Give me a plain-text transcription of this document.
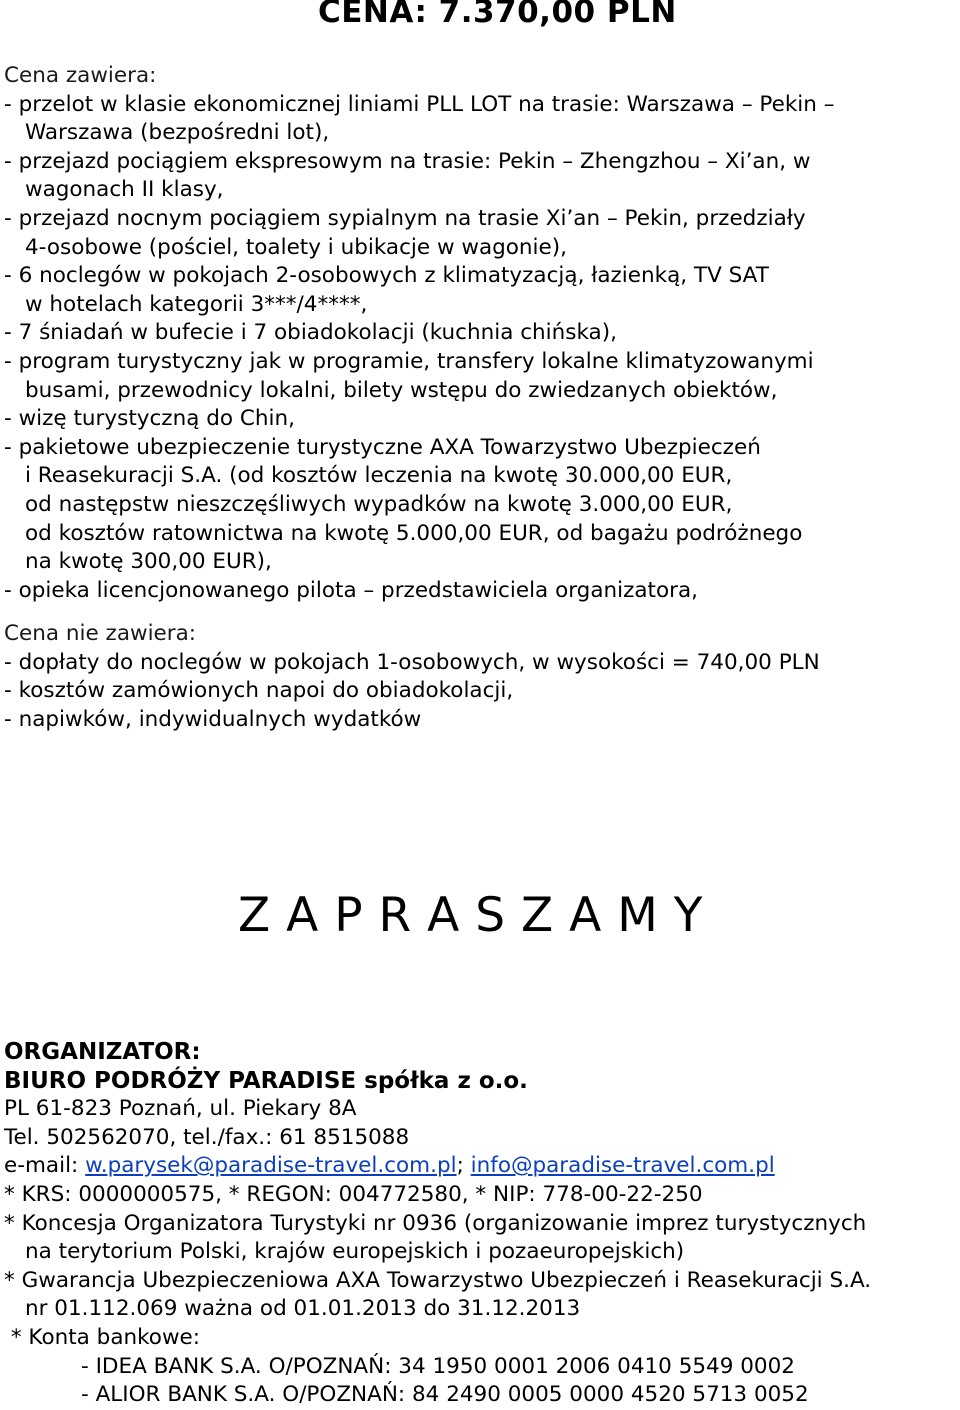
CENA: 7.370,00 PLN
Cena zawiera:
- przelot w klasie ekonomicznej liniami PLL LOT na trasie: Warszawa – Pekin –
Warszawa (bezpośredni lot),
- przejazd pociągiem ekspresowym na trasie: Pekin – Zhengzhou – Xi’an, w
wagonach II klasy,
- przejazd nocnym pociągiem sypialnym na trasie Xi’an – Pekin, przedziały
4-osobowe (pościel, toalety i ubikacje w wagonie),
- 6 noclegów w pokojach 2-osobowych z klimatyzacją, łazienką, TV SAT
w hotelach kategorii 3***/4****,
- 7 śniadań w bufecie i 7 obiadokolacji (kuchnia chińska),
- program turystyczny jak w programie, transfery lokalne klimatyzowanymi
busami, przewodnicy lokalni, bilety wstępu do zwiedzanych obiektów,
- wizę turystyczną do Chin,
- pakietowe ubezpieczenie turystyczne AXA Towarzystwo Ubezpieczeń
i Reasekuracji S.A. (od kosztów leczenia na kwotę 30.000,00 EUR,
od następstw nieszczęśliwych wypadków na kwotę 3.000,00 EUR,
od kosztów ratownictwa na kwotę 5.000,00 EUR, od bagażu podróżnego
na kwotę 300,00 EUR),
- opieka licencjonowanego pilota – przedstawiciela organizatora,
Cena nie zawiera:
- dopłaty do noclegów w pokojach 1-osobowych, w wysokości = 740,00 PLN
- kosztów zamówionych napoi do obiadokolacji,
- napiwków, indywidualnych wydatków
Z A P R A S Z A M Y
ORGANIZATOR:
BIURO PODRÓŻY PARADISE spółka z o.o.
PL 61-823 Poznań, ul. Piekary 8A
Tel. 502562070, tel./fax.: 61 8515088
e-mail: w.parysek@paradise-travel.com.pl; info@paradise-travel.com.pl
* KRS: 0000000575, * REGON: 004772580, * NIP: 778-00-22-250
* Koncesja Organizatora Turystyki nr 0936 (organizowanie imprez turystycznych
na terytorium Polski, krajów europejskich i pozaeuropejskich)
* Gwarancja Ubezpieczeniowa AXA Towarzystwo Ubezpieczeń i Reasekuracji S.A.
nr 01.112.069 ważna od 01.01.2013 do 31.12.2013
* Konta bankowe:
- IDEA BANK S.A. O/POZNAŃ: 34 1950 0001 2006 0410 5549 0002
- ALIOR BANK S.A. O/POZNAŃ: 84 2490 0005 0000 4520 5713 0052
